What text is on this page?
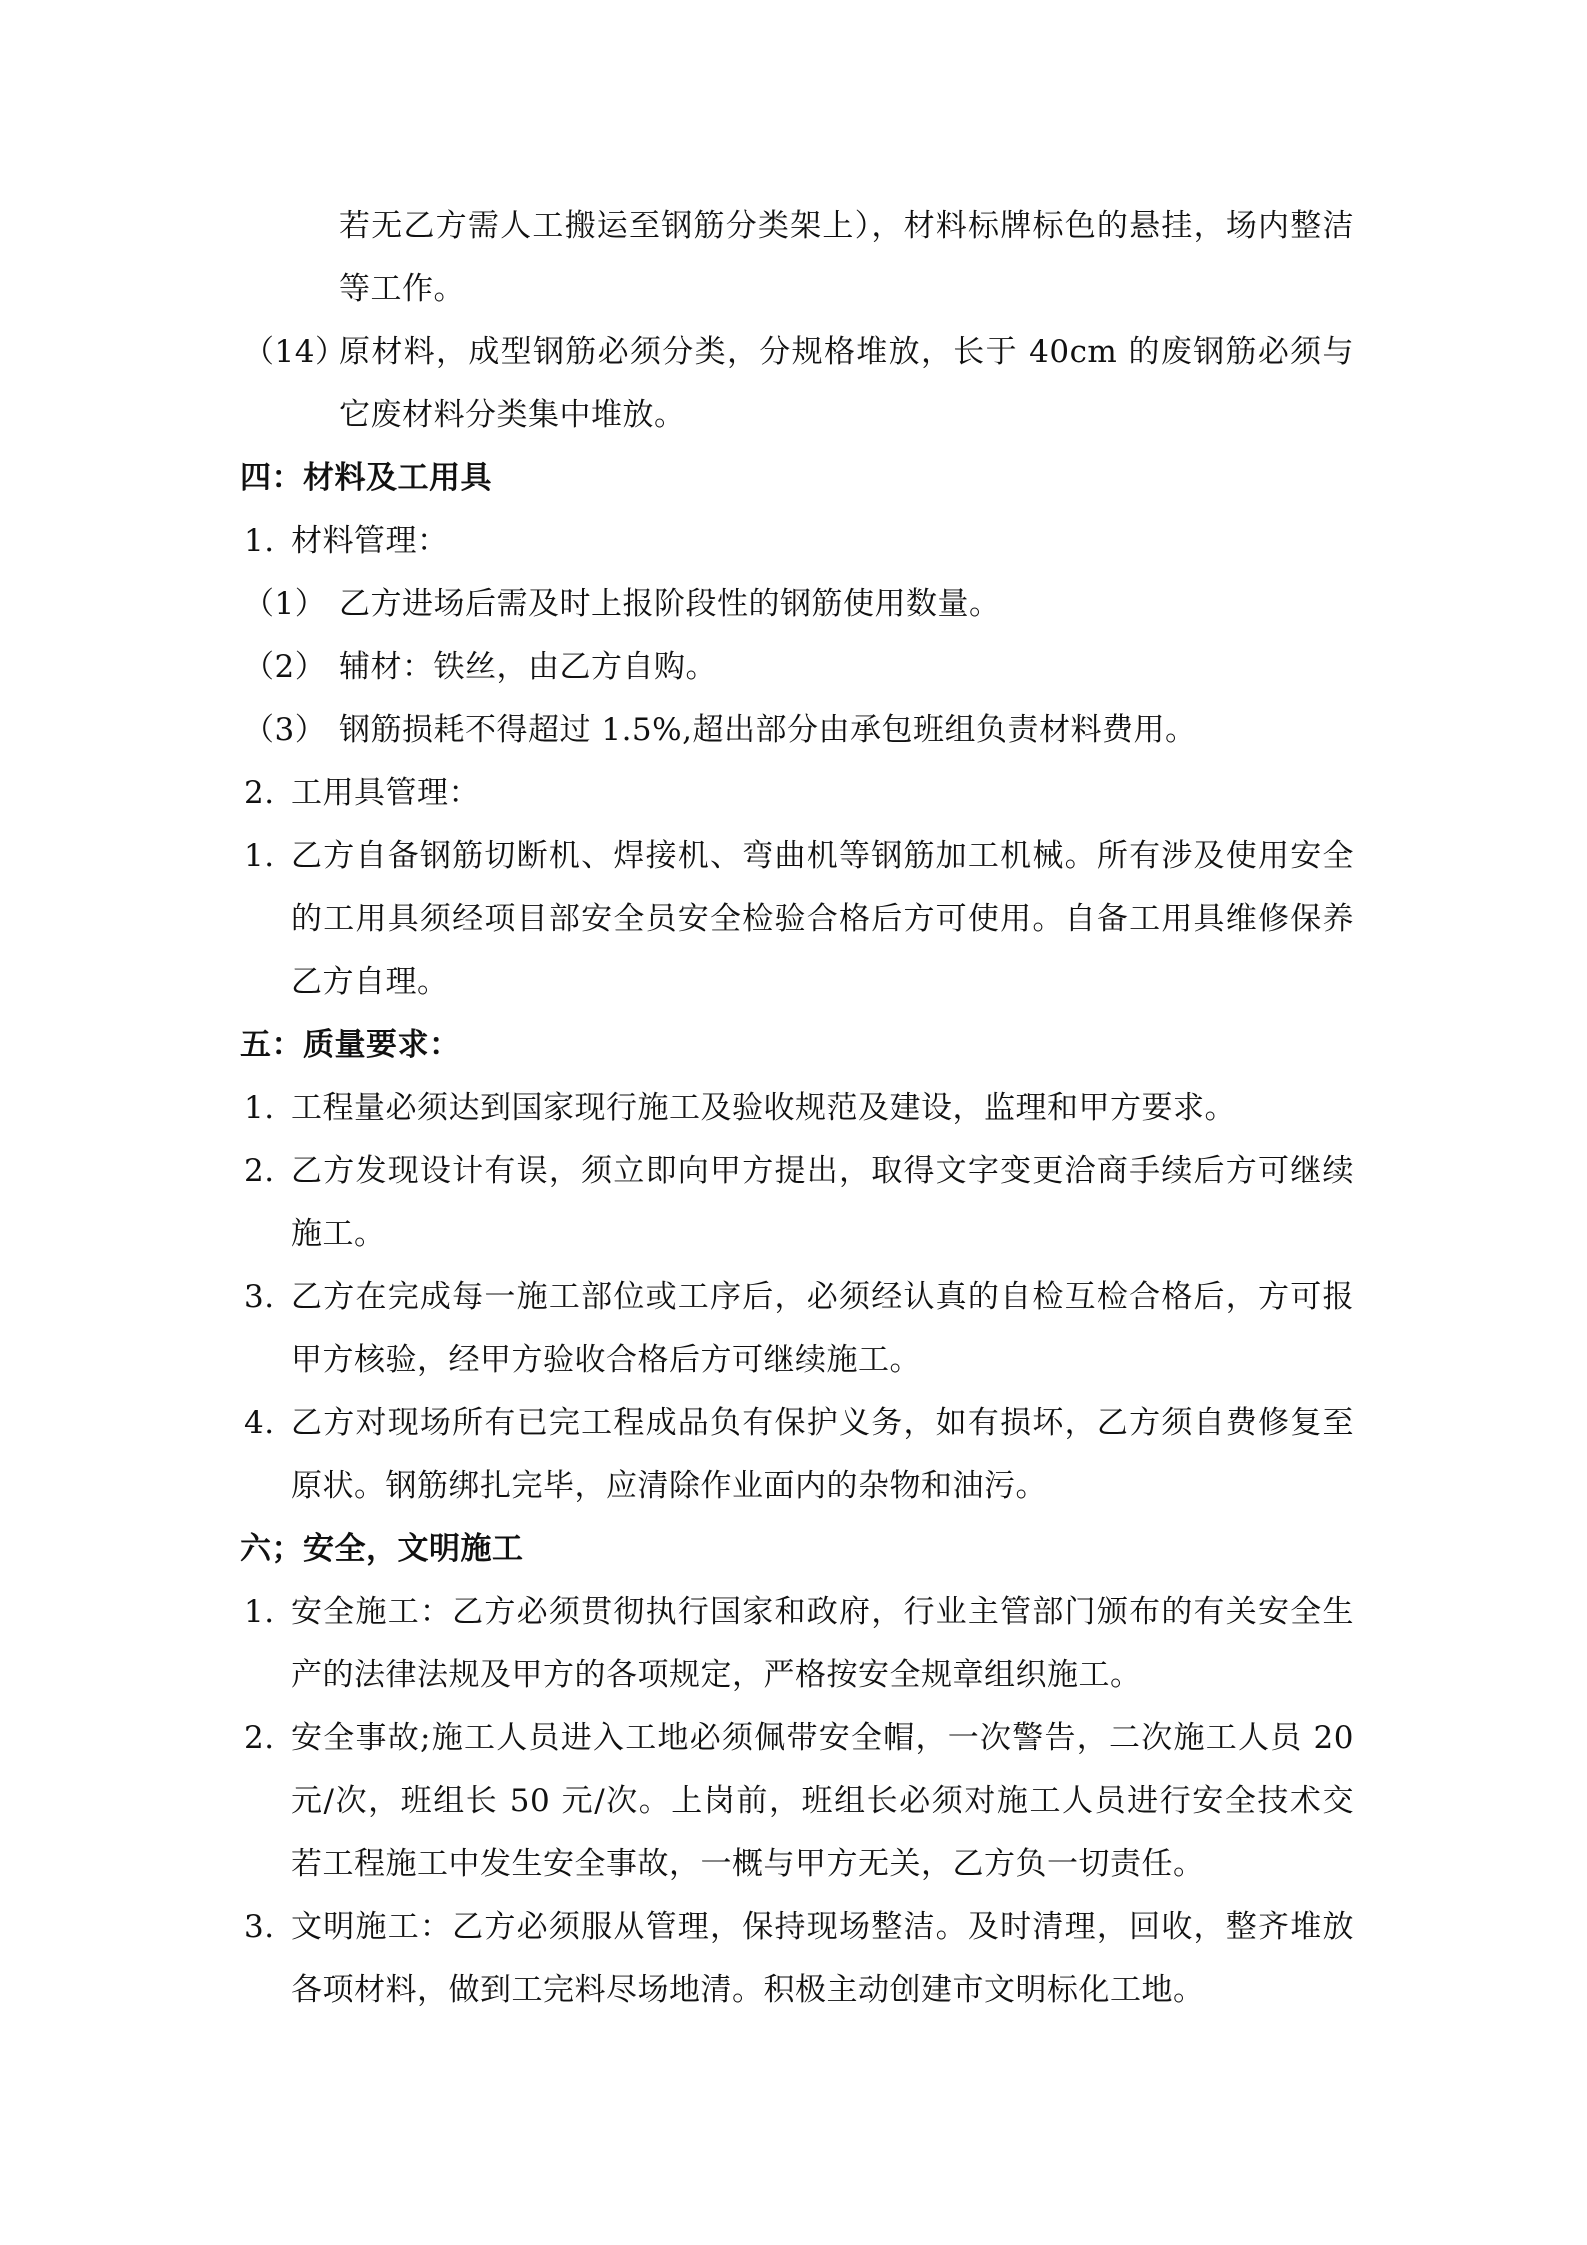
若无乙方需人工搬运至钢筋分类架上），材料标牌标色的悬挂，场内整洁
等工作。
（14）
原材料，成型钢筋必须分类，分规格堆放，长于 40cm 的废钢筋必须与
它废材料分类集中堆放。
四：材料及工用具
1. 材料管理：
（1） 乙方进场后需及时上报阶段性的钢筋使用数量。
（2） 辅材：铁丝，由乙方自购。
（3） 钢筋损耗不得超过 1.5%,超出部分由承包班组负责材料费用。
2. 工用具管理：
1. 乙方自备钢筋切断机、焊接机、弯曲机等钢筋加工机械。所有涉及使用安全
的工用具须经项目部安全员安全检验合格后方可使用。自备工用具维修保养
乙方自理。
五：质量要求：
1. 工程量必须达到国家现行施工及验收规范及建设，监理和甲方要求。
2. 乙方发现设计有误，须立即向甲方提出，取得文字变更洽商手续后方可继续
施工。
3. 乙方在完成每一施工部位或工序后，必须经认真的自检互检合格后，方可报
甲方核验，经甲方验收合格后方可继续施工。
4. 乙方对现场所有已完工程成品负有保护义务，如有损坏，乙方须自费修复至
原状。钢筋绑扎完毕，应清除作业面内的杂物和油污。
六；安全，文明施工
1. 安全施工：乙方必须贯彻执行国家和政府，行业主管部门颁布的有关安全生
产的法律法规及甲方的各项规定，严格按安全规章组织施工。
2. 安全事故;施工人员进入工地必须佩带安全帽，一次警告，二次施工人员 20
元/次，班组长 50 元/次。上岗前，班组长必须对施工人员进行安全技术交
若工程施工中发生安全事故，一概与甲方无关，乙方负一切责任。
3. 文明施工：乙方必须服从管理，保持现场整洁。及时清理，回收，整齐堆放
各项材料，做到工完料尽场地清。积极主动创建市文明标化工地。
